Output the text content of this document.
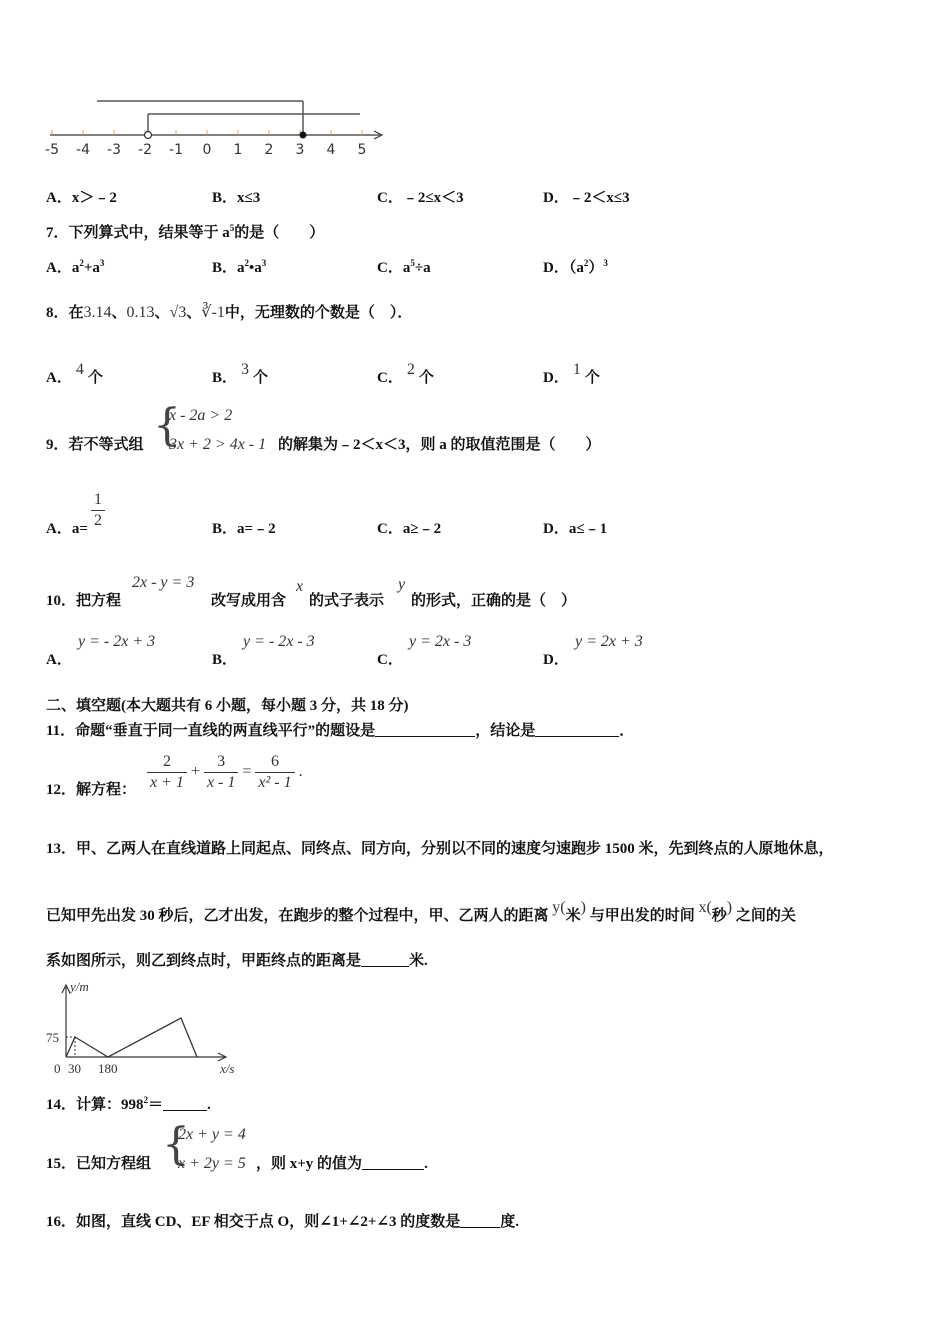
-5 -4 -3 -2 -1 0 1 2 3 4 5
A．x＞﹣2	B．x≤3	C．﹣2≤x＜3	D．﹣2＜x≤3
7．下列算式中，结果等于 $a^5$的是（　　）
A．$a^2+a^3$	B．$a^2•a^3$	C．$a^5\div a$	D．$(a^2)^3$
8．在3.14、0.13、√3、∛-1中，无理数的个数是（　）．
A． 4 个	B． 3 个	C． 2 个	D． 1 个
9．若不等式组 {
x - 2a > 2
3x + 2 > 4x - 1 的解集为﹣2＜x＜3，则 a 的取值范围是（　　）
A．$a= \frac{1}{2}$	B．a=﹣2	C．a≥﹣2	D．a≤﹣1
10．把方程
2x - y = 3
改写成用含
x
的式子表示
y
的形式，正确的是（　）
A．
y = - 2x + 3
B．
y = - 2x - 3
C．
y = 2x - 3
D．
y = 2x + 3
二、填空题(本大题共有 6 小题，每小题 3 分，共 18 分)
11．命题“垂直于同一直线的两直线平行”的题设是	，结论是	．
12．解方程： $\frac{2}{x + 1} + \frac{3}{x - 1} = \frac{6}{\text{x² - 1}}$ .
13．甲、乙两人在直线道路上同起点、同终点、同方向，分别以不同的速度匀速跑步 1500 米，先到终点的人原地休息，
已知甲先出发 30 秒后，乙才出发，在跑步的整个过程中，甲、乙两人的距离 y(米) 与甲出发的时间 x(秒) 之间的关
系如图所示，则乙到终点时，甲距终点的距离是	米.
y/m
x/s
75
0 30 180
14．计算：$998^2=$	.
15．已知方程组 {
2x + y = 4
x + 2y = 5 ，则 x+y 的值为	.
16．如图，直线 CD、EF 相交于点 O，则∠1+∠2+∠3 的度数是	度.
